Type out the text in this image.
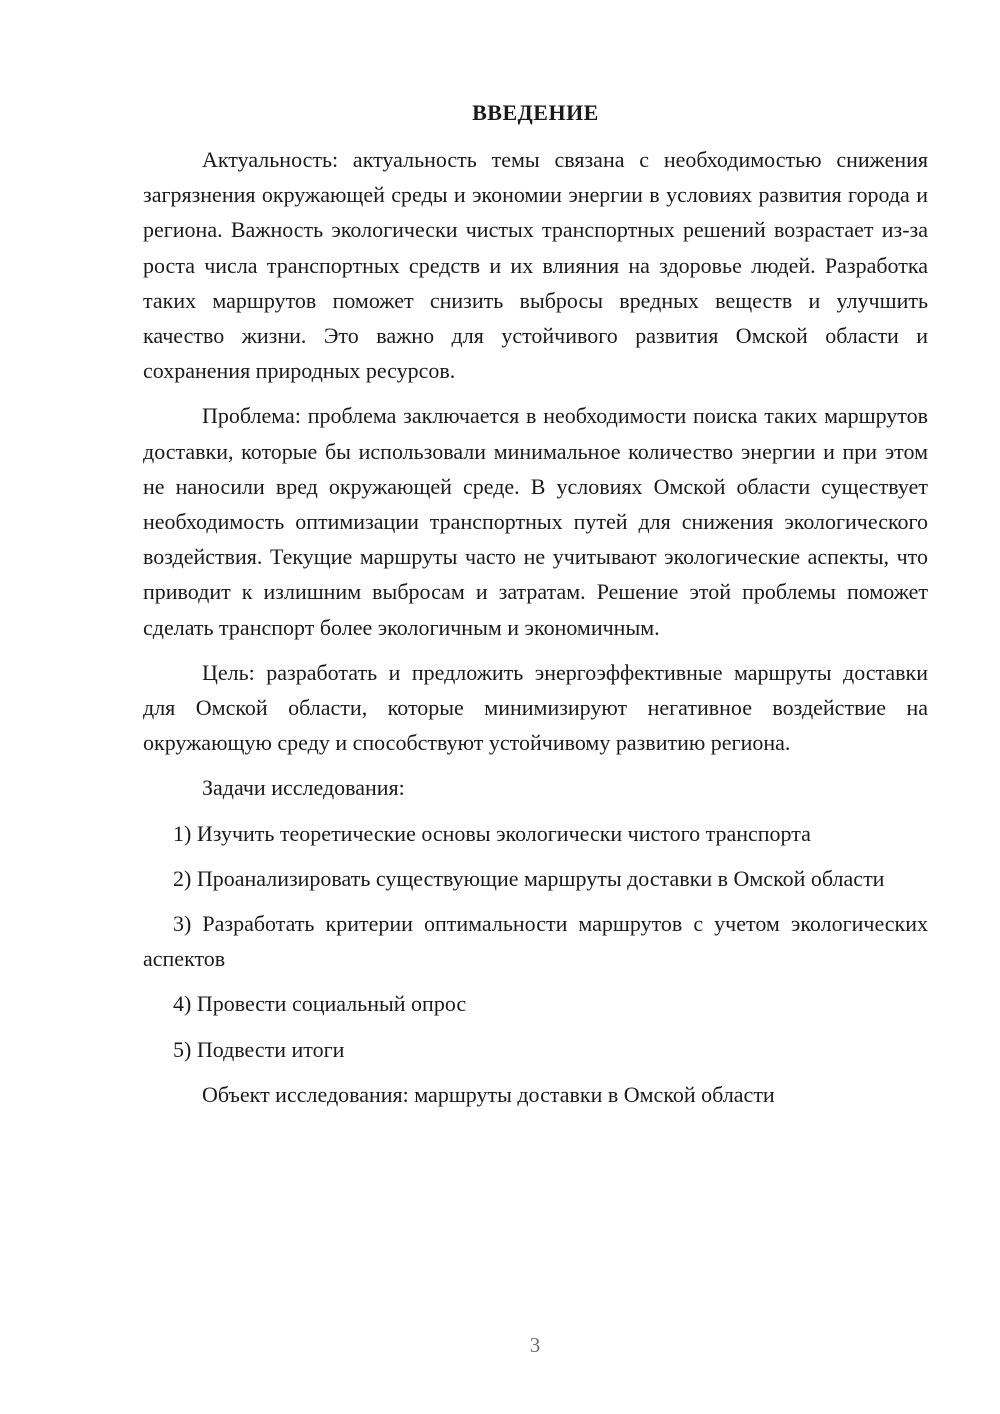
ВВЕДЕНИЕ

Актуальность: актуальность темы связана с необходимостью снижения загрязнения окружающей среды и экономии энергии в условиях развития города и региона. Важность экологически чистых транспортных решений возрастает из-за роста числа транспортных средств и их влияния на здоровье людей. Разработка таких маршрутов поможет снизить выбросы вредных веществ и улучшить качество жизни. Это важно для устойчивого развития Омской области и сохранения природных ресурсов.

Проблема: проблема заключается в необходимости поиска таких маршрутов доставки, которые бы использовали минимальное количество энергии и при этом не наносили вред окружающей среде. В условиях Омской области существует необходимость оптимизации транспортных путей для снижения экологического воздействия. Текущие маршруты часто не учитывают экологические аспекты, что приводит к излишним выбросам и затратам. Решение этой проблемы поможет сделать транспорт более экологичным и экономичным.

Цель: разработать и предложить энергоэффективные маршруты доставки для Омской области, которые минимизируют негативное воздействие на окружающую среду и способствуют устойчивому развитию региона.

Задачи исследования:

1) Изучить теоретические основы экологически чистого транспорта

2) Проанализировать существующие маршруты доставки в Омской области

3) Разработать критерии оптимальности маршрутов с учетом экологических аспектов

4) Провести социальный опрос

5) Подвести итоги

Объект исследования: маршруты доставки в Омской области

3
